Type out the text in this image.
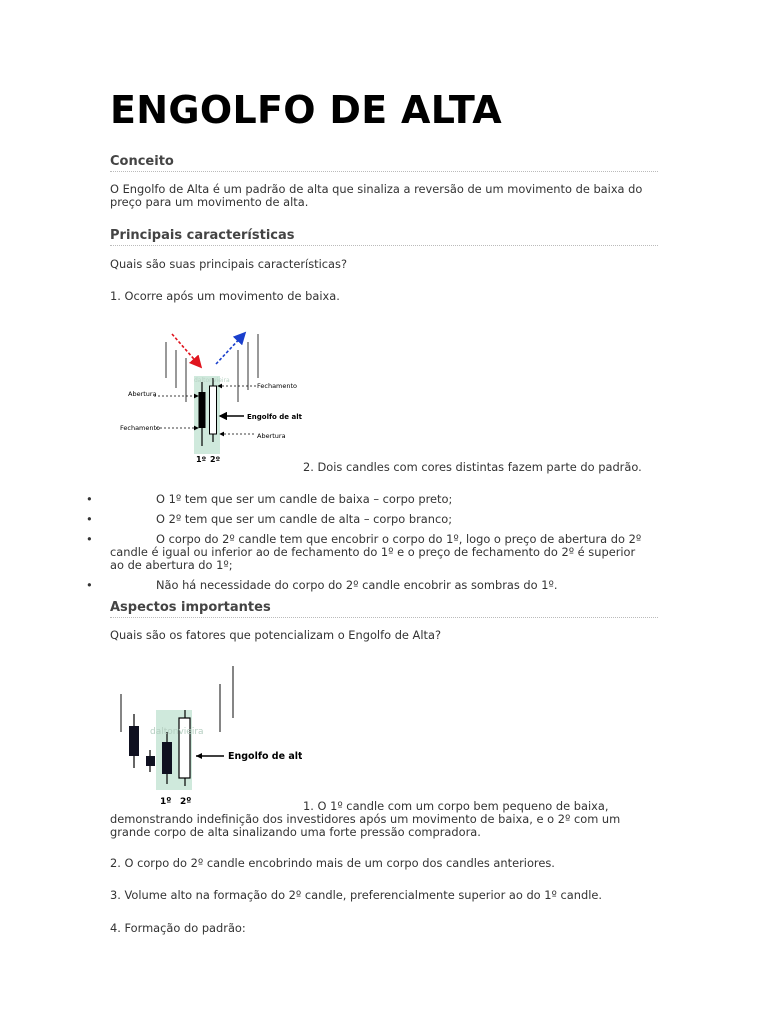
ENGOLFO DE ALTA
Conceito
O Engolfo de Alta é um padrão de alta que sinaliza a reversão de um movimento de baixa do
preço para um movimento de alta.
Principais características
Quais são suas principais características?
1. Ocorre após um movimento de baixa.
Abertura
Fechamento
Fechamento
Engolfo de alta
Abertura
daltonvieira
1º 2º
2. Dois candles com cores distintas fazem parte do padrão.
•	O 1º tem que ser um candle de baixa – corpo preto;
•	O 2º tem que ser um candle de alta – corpo branco;
•	O corpo do 2º candle tem que encobrir o corpo do 1º, logo o preço de abertura do 2º
candle é igual ou inferior ao de fechamento do 1º e o preço de fechamento do 2º é superior
ao de abertura do 1º;
•	Não há necessidade do corpo do 2º candle encobrir as sombras do 1º.
Aspectos importantes
Quais são os fatores que potencializam o Engolfo de Alta?
Engolfo de alta
daltonvieira
1º 2º	1. O 1º candle com um corpo bem pequeno de baixa,
demonstrando indefinição dos investidores após um movimento de baixa, e o 2º com um
grande corpo de alta sinalizando uma forte pressão compradora.
2. O corpo do 2º candle encobrindo mais de um corpo dos candles anteriores.
3. Volume alto na formação do 2º candle, preferencialmente superior ao do 1º candle.
4. Formação do padrão:
